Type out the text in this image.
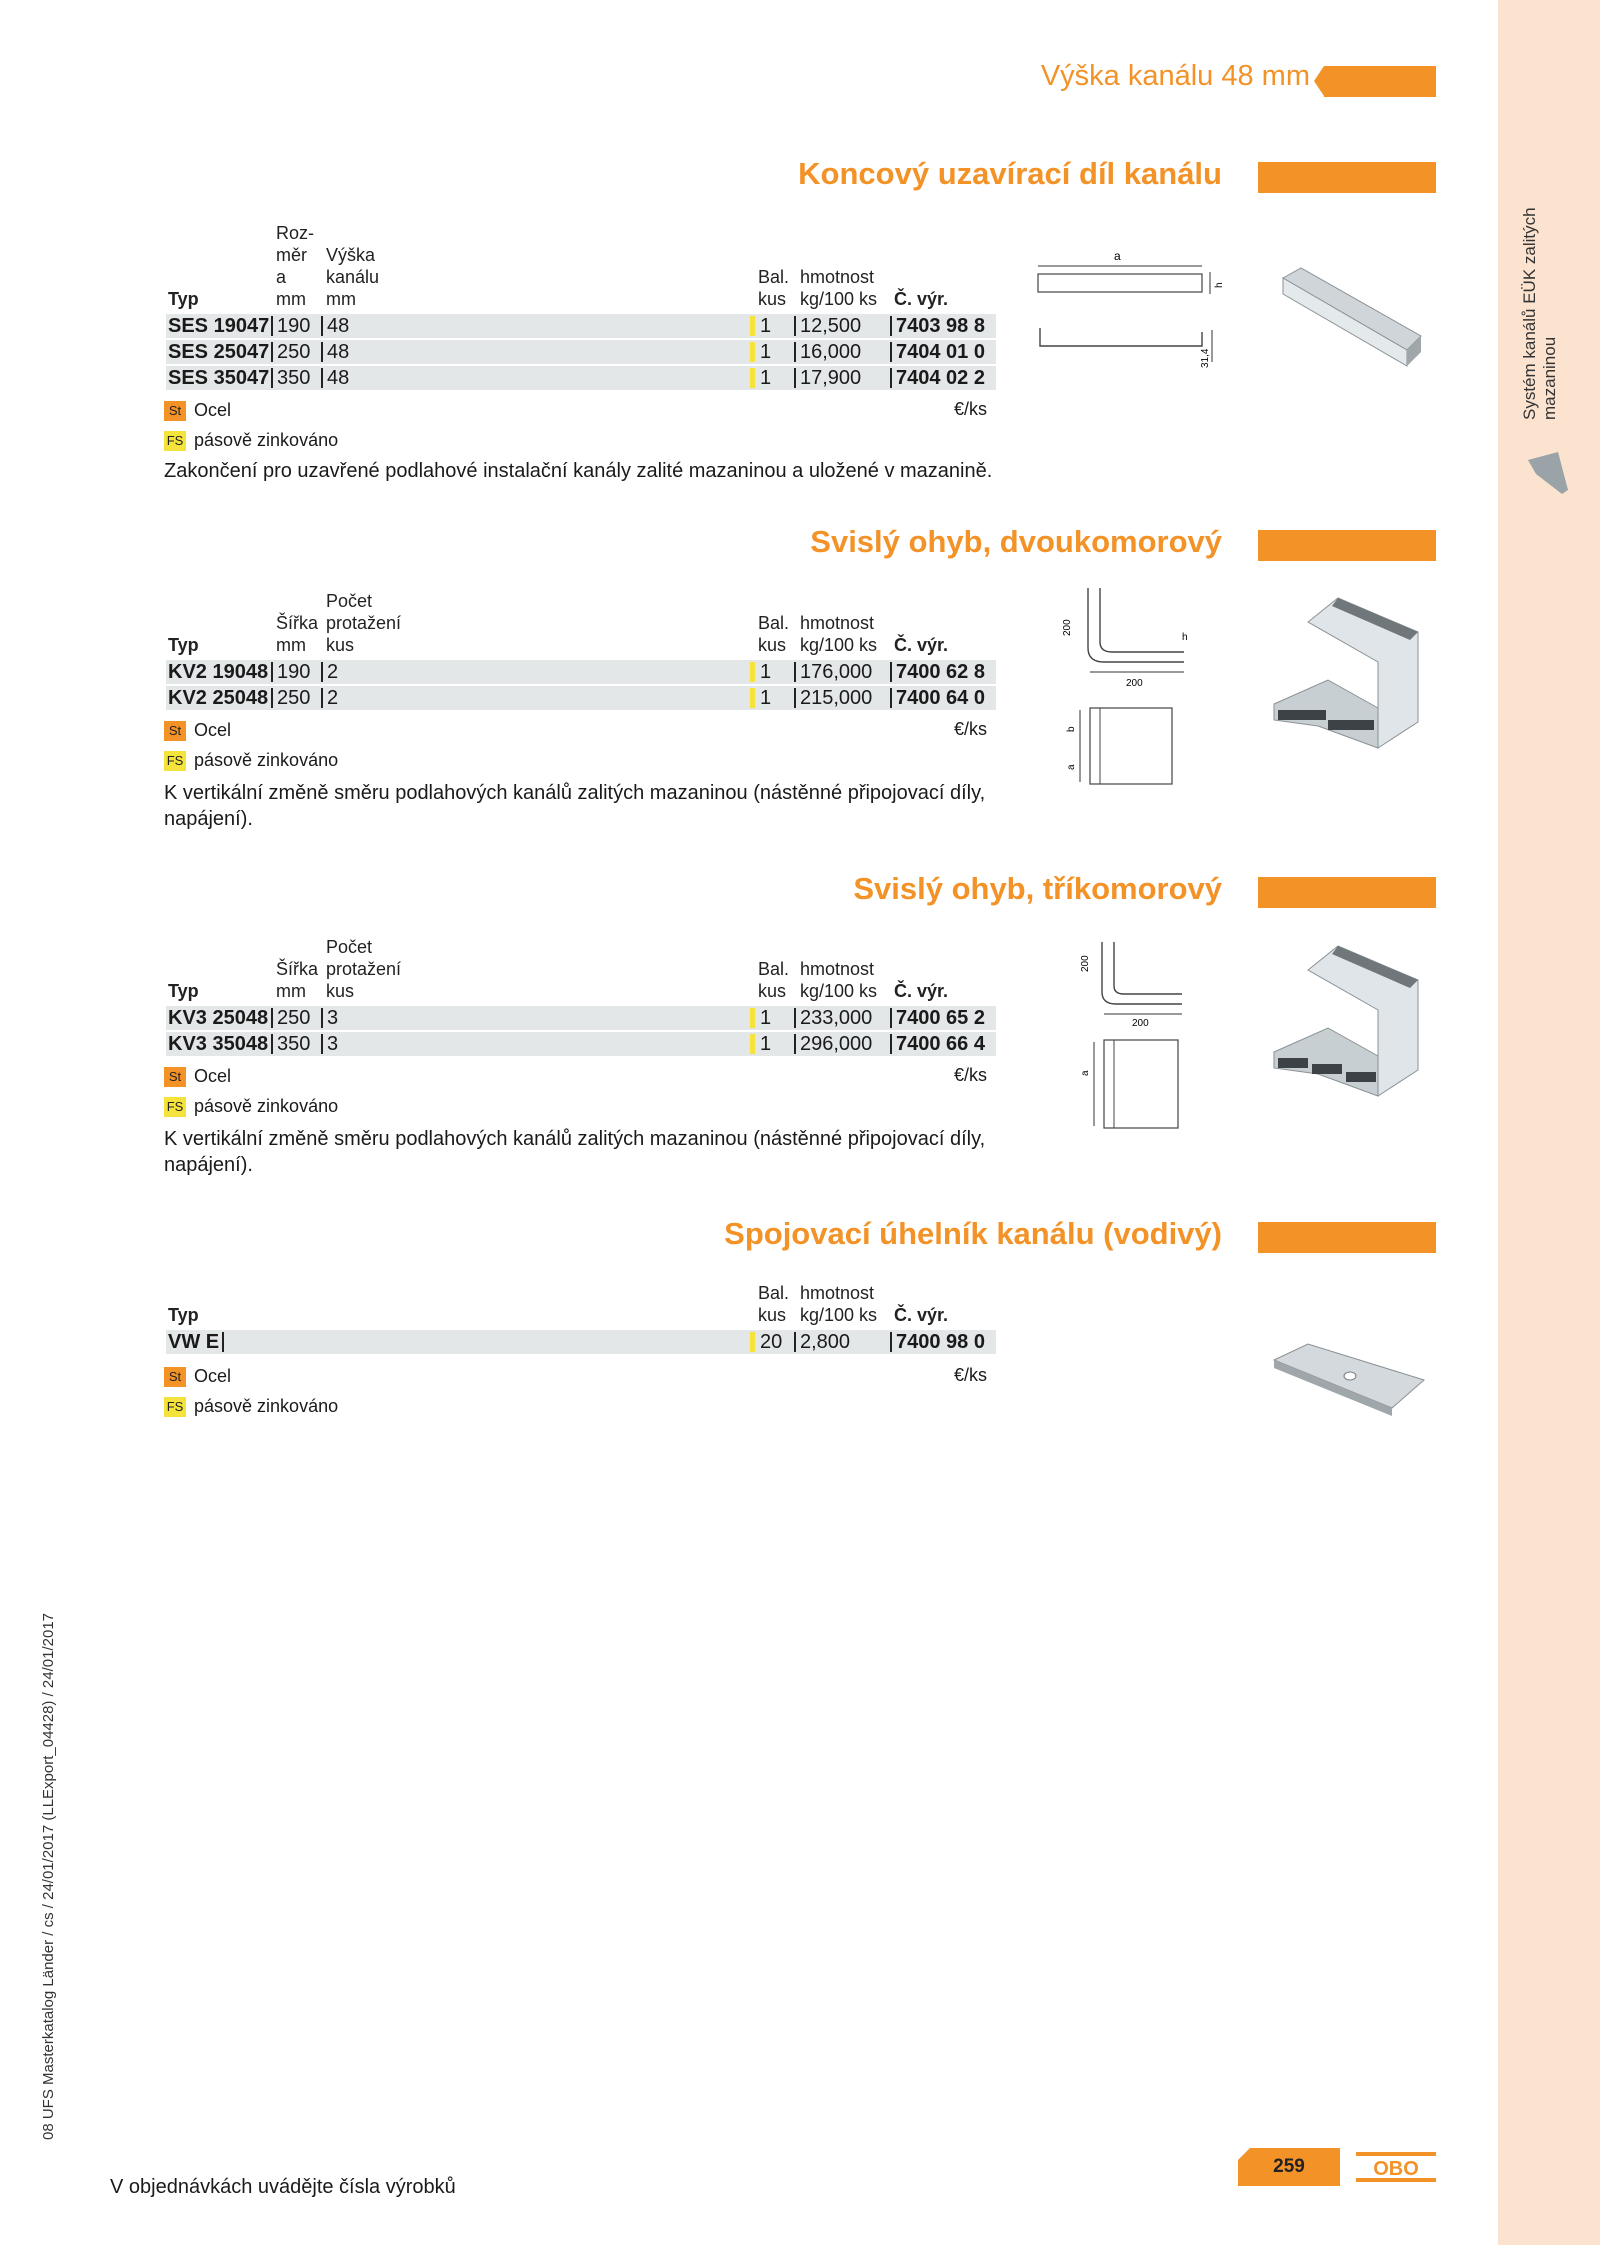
Systém kanálů EÜK zalitých mazaninou
08 UFS Masterkatalog Länder / cs / 24/01/2017 (LLExport_04428) / 24/01/2017
Výška kanálu 48 mm
Koncový uzavírací díl kanálu
Typ
Roz-
měr
a
mm
Výška
kanálu
mm
Bal.
kus
hmotnost
kg/100 ks Č. výr.
SES 19047 190 48	1 12,500 7403 98 8
SES 25047 250 48	1 16,000 7404 01 0
SES 35047 350 48	1 17,900 7404 02 2
St Ocel	€/ks
FS pásově zinkováno
Zakončení pro uzavřené podlahové instalační kanály zalité mazaninou a uložené v mazanině.
a
h
31,4
Svislý ohyb, dvoukomorový
Typ
Šířka
mm
Počet
protažení
kus
Bal.
kus
hmotnost
kg/100 ks Č. výr.
KV2 19048 190 2	1 176,000 7400 62 8
KV2 25048 250 2	1 215,000 7400 64 0
St Ocel	€/ks
FS pásově zinkováno
K vertikální změně směru podlahových kanálů zalitých mazaninou (nástěnné připojovací díly, napájení).
200
200
h
b
a
Svislý ohyb, tříkomorový
Typ
Šířka
mm
Počet
protažení
kus
Bal.
kus
hmotnost
kg/100 ks Č. výr.
KV3 25048 250 3	1 233,000 7400 65 2
KV3 35048 350 3	1 296,000 7400 66 4
St Ocel	€/ks
FS pásově zinkováno
K vertikální změně směru podlahových kanálů zalitých mazaninou (nástěnné připojovací díly, napájení).
200
200
a
Spojovací úhelník kanálu (vodivý)
Typ
Bal.
kus
hmotnost
kg/100 ks Č. výr.
VW E	20 2,800 7400 98 0
St Ocel	€/ks
FS pásově zinkováno
V objednávkách uvádějte čísla výrobků
259	OBO
